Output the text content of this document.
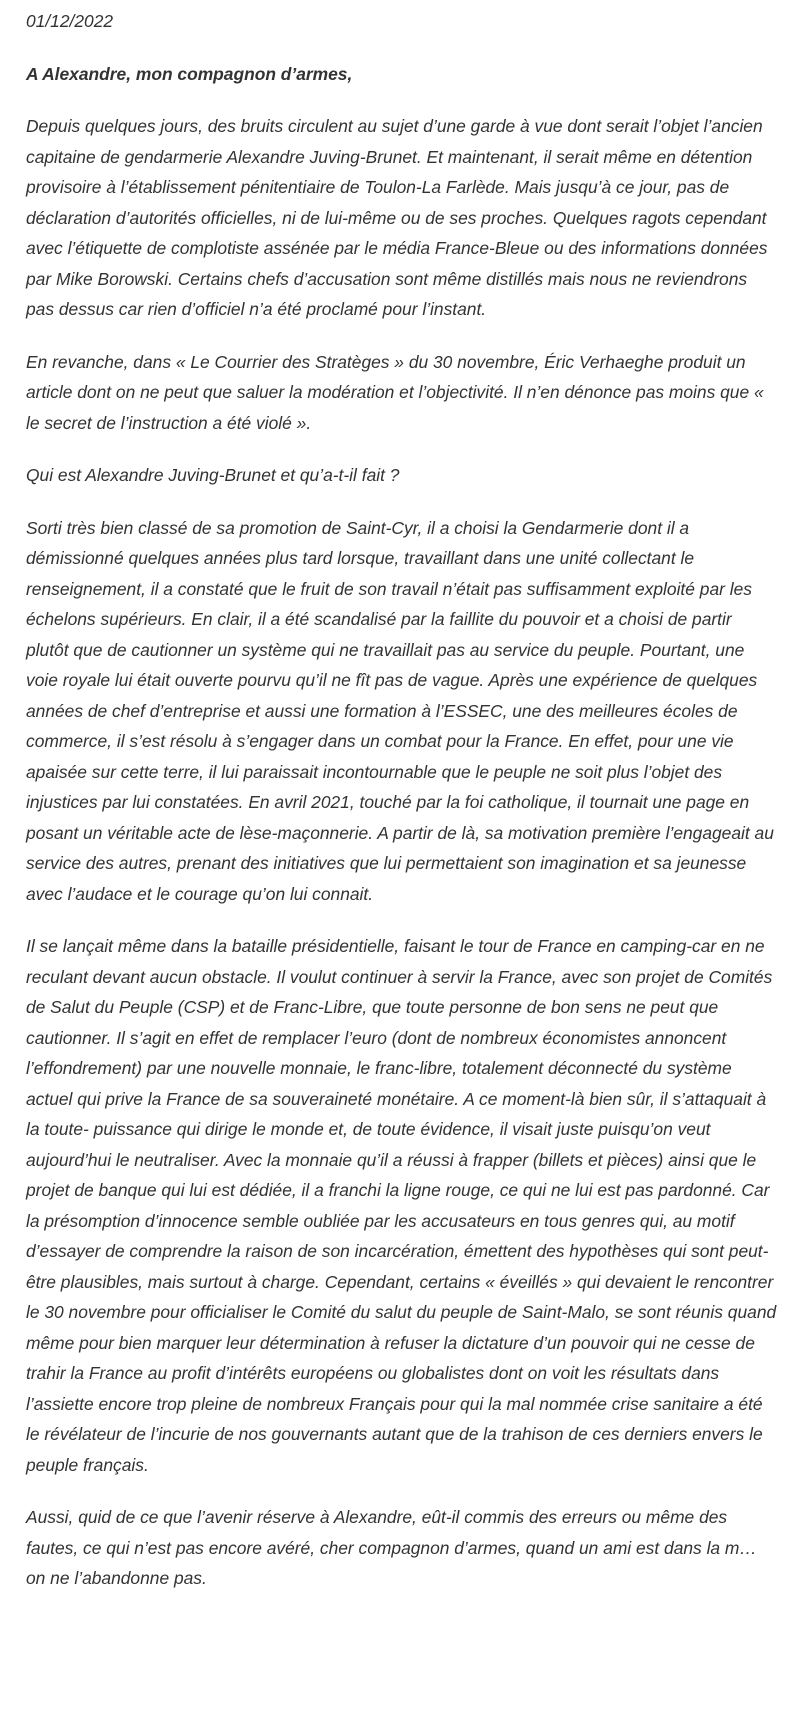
01/12/2022

A Alexandre, mon compagnon d’armes,

Depuis quelques jours, des bruits circulent au sujet d’une garde à vue dont serait l’objet l’ancien capitaine de gendarmerie Alexandre Juving-Brunet. Et maintenant, il serait même en détention provisoire à l’établissement pénitentiaire de Toulon-La Farlède. Mais jusqu’à ce jour, pas de déclaration d’autorités officielles, ni de lui-même ou de ses proches. Quelques ragots cependant avec l’étiquette de complotiste assénée par le média France-Bleue ou des informations données par Mike Borowski. Certains chefs d’accusation sont même distillés mais nous ne reviendrons pas dessus car rien d’officiel n’a été proclamé pour l’instant.

En revanche, dans « Le Courrier des Stratèges » du 30 novembre, Éric Verhaeghe produit un article dont on ne peut que saluer la modération et l’objectivité. Il n’en dénonce pas moins que « le secret de l’instruction a été violé ».

Qui est Alexandre Juving-Brunet et qu’a-t-il fait ?

Sorti très bien classé de sa promotion de Saint-Cyr, il a choisi la Gendarmerie dont il a démissionné quelques années plus tard lorsque, travaillant dans une unité collectant le renseignement, il a constaté que le fruit de son travail n’était pas suffisamment exploité par les échelons supérieurs. En clair, il a été scandalisé par la faillite du pouvoir et a choisi de partir plutôt que de cautionner un système qui ne travaillait pas au service du peuple. Pourtant, une voie royale lui était ouverte pourvu qu’il ne fît pas de vague. Après une expérience de quelques années de chef d’entreprise et aussi une formation à l’ESSEC, une des meilleures écoles de commerce, il s’est résolu à s’engager dans un combat pour la France. En effet, pour une vie apaisée sur cette terre, il lui paraissait incontournable que le peuple ne soit plus l’objet des injustices par lui constatées. En avril 2021, touché par la foi catholique, il tournait une page en posant un véritable acte de lèse-maçonnerie. A partir de là, sa motivation première l’engageait au service des autres, prenant des initiatives que lui permettaient son imagination et sa jeunesse avec l’audace et le courage qu’on lui connait.

Il se lançait même dans la bataille présidentielle, faisant le tour de France en camping-car en ne reculant devant aucun obstacle. Il voulut continuer à servir la France, avec son projet de Comités de Salut du Peuple (CSP) et de Franc-Libre, que toute personne de bon sens ne peut que cautionner. Il s’agit en effet de remplacer l’euro (dont de nombreux économistes annoncent l’effondrement) par une nouvelle monnaie, le franc-libre, totalement déconnecté du système actuel qui prive la France de sa souveraineté monétaire. A ce moment-là bien sûr, il s’attaquait à la toute- puissance qui dirige le monde et, de toute évidence, il visait juste puisqu’on veut aujourd’hui le neutraliser. Avec la monnaie qu’il a réussi à frapper (billets et pièces) ainsi que le projet de banque qui lui est dédiée, il a franchi la ligne rouge, ce qui ne lui est pas pardonné. Car la présomption d’innocence semble oubliée par les accusateurs en tous genres qui, au motif d’essayer de comprendre la raison de son incarcération, émettent des hypothèses qui sont peut-être plausibles, mais surtout à charge. Cependant, certains « éveillés » qui devaient le rencontrer le 30 novembre pour officialiser le Comité du salut du peuple de Saint-Malo, se sont réunis quand même pour bien marquer leur détermination à refuser la dictature d’un pouvoir qui ne cesse de trahir la France au profit d’intérêts européens ou globalistes dont on voit les résultats dans l’assiette encore trop pleine de nombreux Français pour qui la mal nommée crise sanitaire a été le révélateur de l’incurie de nos gouvernants autant que de la trahison de ces derniers envers le peuple français.

Aussi, quid de ce que l’avenir réserve à Alexandre, eût-il commis des erreurs ou même des fautes, ce qui n’est pas encore avéré, cher compagnon d’armes, quand un ami est dans la m… on ne l’abandonne pas.
